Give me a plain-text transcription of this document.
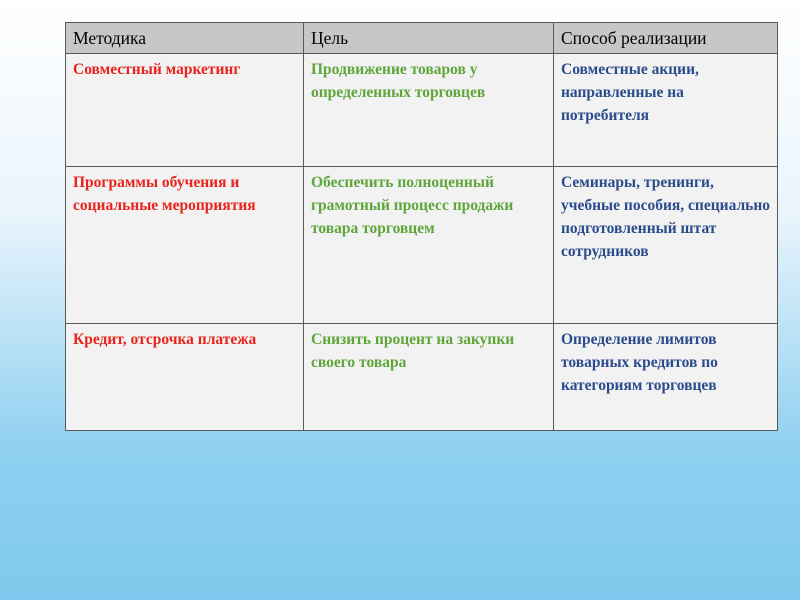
Методика	Цель	Способ реализации
Совместный маркетинг	Продвижение товаров у определенных торговцев	Совместные акции, направленные на потребителя
Программы обучения и социальные мероприятия	Обеспечить полноценный грамотный процесс продажи товара торговцем	Семинары, тренинги, учебные пособия, специально подготовленный штат сотрудников
Кредит, отсрочка платежа	Снизить процент на закупки своего товара	Определение лимитов товарных кредитов по категориям торговцев
